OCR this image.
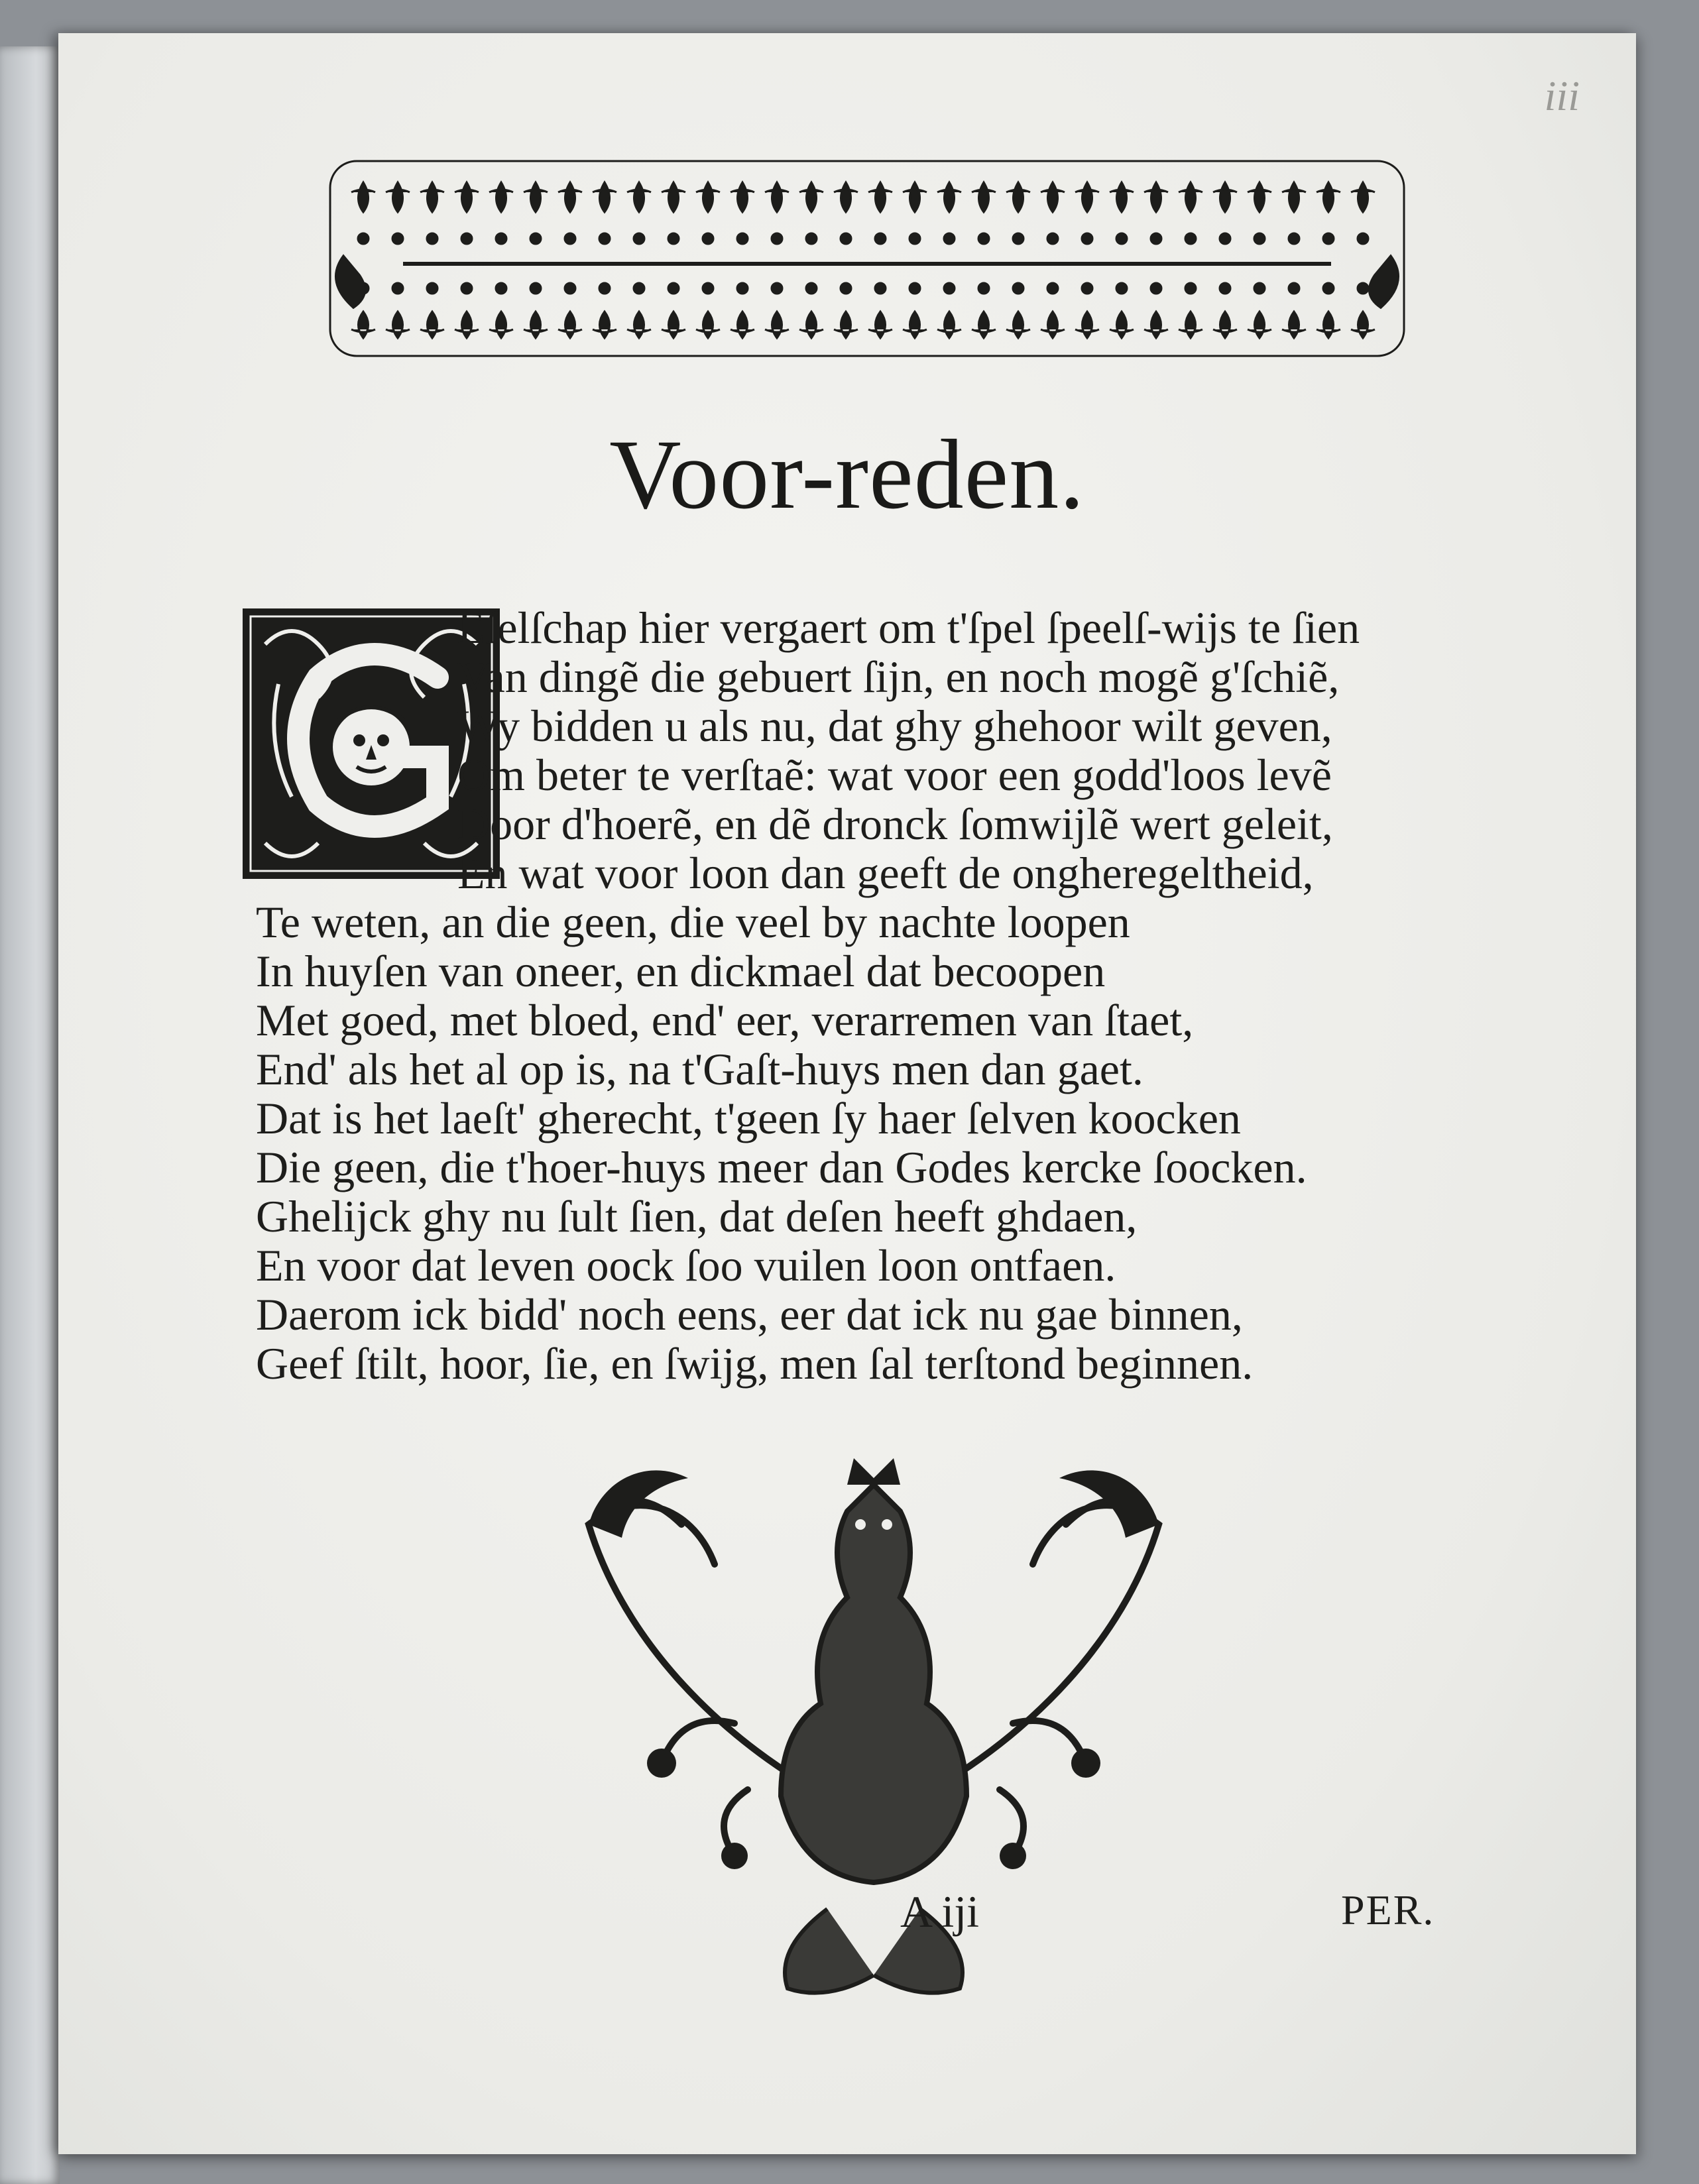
iii
Voor-reden.
Eſelſchap hier vergaert om t'ſpel ſpeelſ-wijs te ſien
Van dingẽ die gebuert ſijn, en noch mogẽ g'ſchiẽ,
Wy bidden u als nu, dat ghy ghehoor wilt geven,
Om beter te verſtaẽ: wat voor een godd'loos levẽ
Door d'hoerẽ, en dẽ dronck ſomwijlẽ wert geleit,
En wat voor loon dan geeft de ongheregeltheid,
Te weten, an die geen, die veel by nachte loopen
In huyſen van oneer, en dickmael dat becoopen
Met goed, met bloed, end' eer, verarremen van ſtaet,
End' als het al op is, na t'Gaſt-huys men dan gaet.
Dat is het laeſt' gherecht, t'geen ſy haer ſelven koocken
Die geen, die t'hoer-huys meer dan Godes kercke ſoocken.
Ghelijck ghy nu ſult ſien, dat deſen heeft ghdaen,
En voor dat leven oock ſoo vuilen loon ontfaen.
Daerom ick bidd' noch eens, eer dat ick nu gae binnen,
Geef ſtilt, hoor, ſie, en ſwijg, men ſal terſtond beginnen.
A iji	PER.
